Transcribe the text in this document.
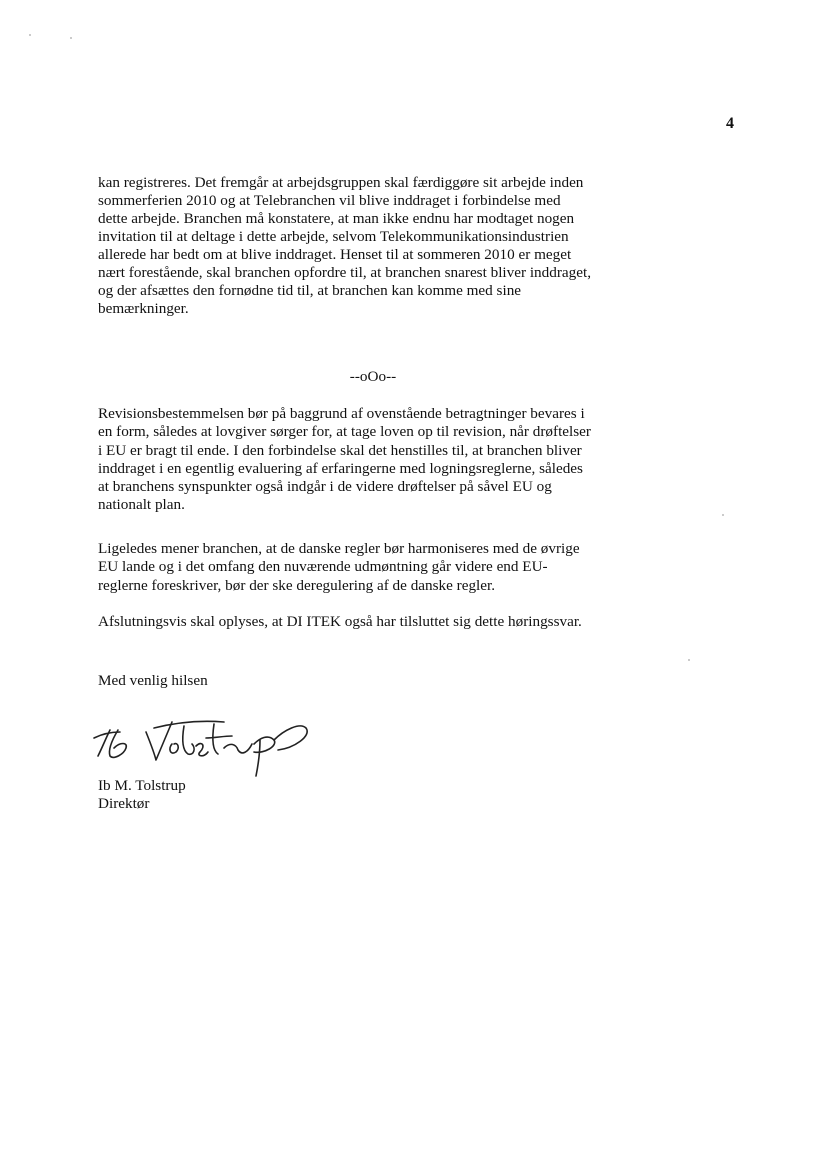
4
kan registreres. Det fremgår at arbejdsgruppen skal færdiggøre sit arbejde inden
sommerferien 2010 og at Telebranchen vil blive inddraget i forbindelse med
dette arbejde. Branchen må konstatere, at man ikke endnu har modtaget nogen
invitation til at deltage i dette arbejde, selvom Telekommunikationsindustrien
allerede har bedt om at blive inddraget. Henset til at sommeren 2010 er meget
nært forestående, skal branchen opfordre til, at branchen snarest bliver inddraget,
og der afsættes den fornødne tid til, at branchen kan komme med sine
bemærkninger.
--oOo--
Revisionsbestemmelsen bør på baggrund af ovenstående betragtninger bevares i
en form, således at lovgiver sørger for, at tage loven op til revision, når drøftelser
i EU er bragt til ende. I den forbindelse skal det henstilles til, at branchen bliver
inddraget i en egentlig evaluering af erfaringerne med logningsreglerne, således
at branchens synspunkter også indgår i de videre drøftelser på såvel EU og
nationalt plan.
Ligeledes mener branchen, at de danske regler bør harmoniseres med de øvrige
EU lande og i det omfang den nuværende udmøntning går videre end EU-
reglerne foreskriver, bør der ske deregulering af de danske regler.
Afslutningsvis skal oplyses, at DI ITEK også har tilsluttet sig dette høringssvar.
Med venlig hilsen
Ib M. Tolstrup
Direktør
